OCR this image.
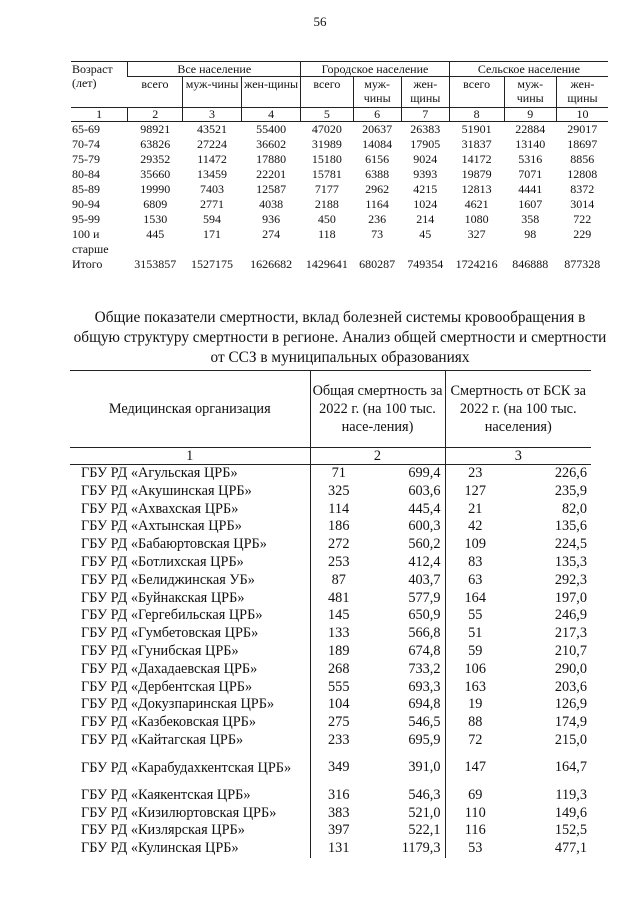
56
Возраст (лет)	Все население			Городское население			Сельское население		
	всего	муж-чины	жен-щины	всего	муж-чины	жен-щины	всего	муж-чины	жен-щины
1	2	3	4	5	6	7	8	9	10
65-69	98921	43521	55400	47020	20637	26383	51901	22884	29017
70-74	63826	27224	36602	31989	14084	17905	31837	13140	18697
75-79	29352	11472	17880	15180	6156	9024	14172	5316	8856
80-84	35660	13459	22201	15781	6388	9393	19879	7071	12808
85-89	19990	7403	12587	7177	2962	4215	12813	4441	8372
90-94	6809	2771	4038	2188	1164	1024	4621	1607	3014
95-99	1530	594	936	450	236	214	1080	358	722
100 и старше	445	171	274	118	73	45	327	98	229
Итого	3153857	1527175	1626682	1429641	680287	749354	1724216	846888	877328
Общие показатели смертности, вклад болезней системы кровообращения в общую структуру смертности в регионе. Анализ общей смертности и смертности от ССЗ в муниципальных образованиях
Медицинская организация	Общая смертность за 2022 г. (на 100 тыс. насе-ления)		Смертность от БСК за 2022 г. (на 100 тыс. населения)	
1	2		3	
ГБУ РД «Агульская ЦРБ»	71	699,4	23	226,6
ГБУ РД «Акушинская ЦРБ»	325	603,6	127	235,9
ГБУ РД «Ахвахская ЦРБ»	114	445,4	21	82,0
ГБУ РД «Ахтынская ЦРБ»	186	600,3	42	135,6
ГБУ РД «Бабаюртовская ЦРБ»	272	560,2	109	224,5
ГБУ РД «Ботлихская ЦРБ»	253	412,4	83	135,3
ГБУ РД «Белиджинская УБ»	87	403,7	63	292,3
ГБУ РД «Буйнакская ЦРБ»	481	577,9	164	197,0
ГБУ РД «Гергебильская ЦРБ»	145	650,9	55	246,9
ГБУ РД «Гумбетовская ЦРБ»	133	566,8	51	217,3
ГБУ РД «Гунибская ЦРБ»	189	674,8	59	210,7
ГБУ РД «Дахадаевская ЦРБ»	268	733,2	106	290,0
ГБУ РД «Дербентская ЦРБ»	555	693,3	163	203,6
ГБУ РД «Докузпаринская ЦРБ»	104	694,8	19	126,9
ГБУ РД «Казбековская ЦРБ»	275	546,5	88	174,9
ГБУ РД «Кайтагская ЦРБ»	233	695,9	72	215,0
ГБУ РД «Карабудахкентская ЦРБ»	349	391,0	147	164,7
ГБУ РД «Каякентская ЦРБ»	316	546,3	69	119,3
ГБУ РД «Кизилюртовская ЦРБ»	383	521,0	110	149,6
ГБУ РД «Кизлярская ЦРБ»	397	522,1	116	152,5
ГБУ РД «Кулинская ЦРБ»	131	1179,3	53	477,1
